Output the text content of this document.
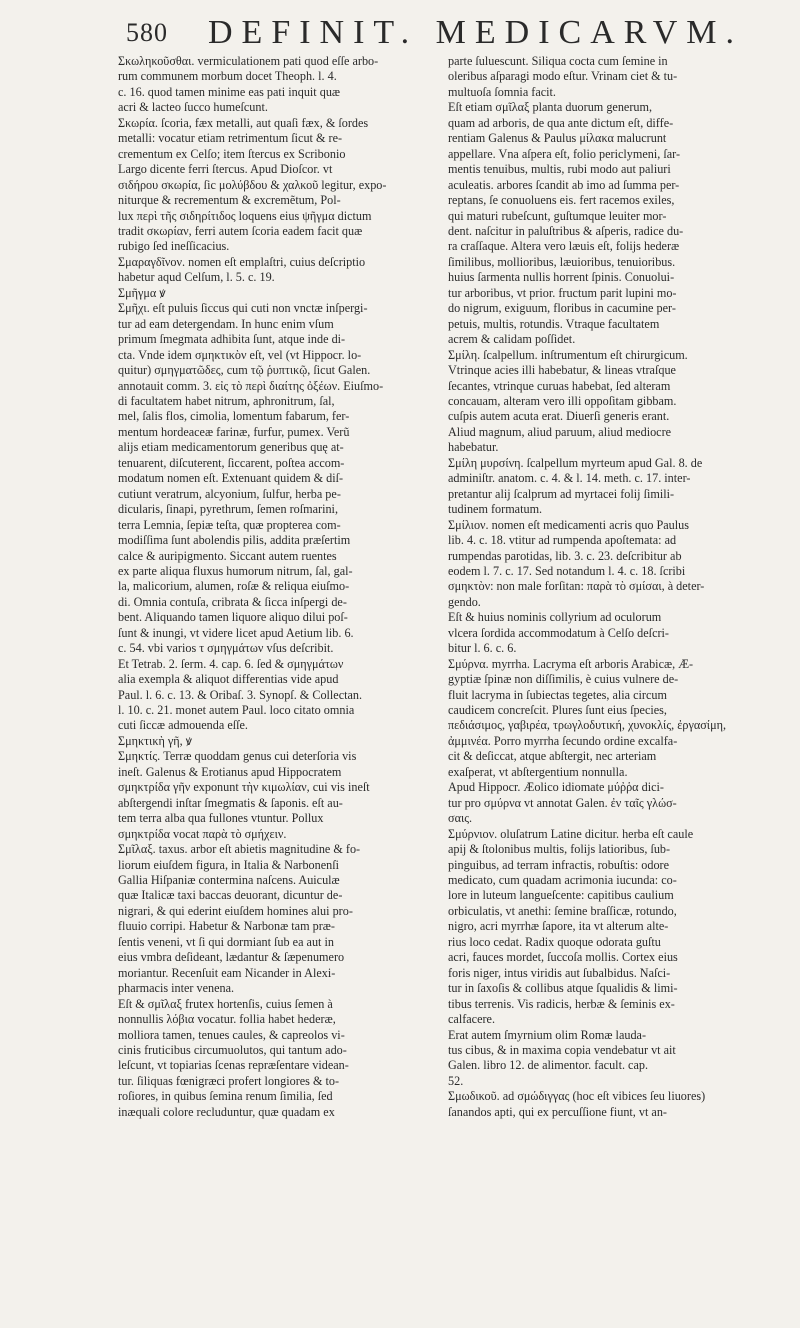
580 DEFINIT. MEDICARVM.
Σκωληκοῦσθαι. vermiculationem pati quod eſſe arbo-
rum communem morbum docet Theoph. l. 4.
c. 16. quod tamen minime eas pati inquit quæ
acri & lacteo ſucco humeſcunt.
Σκωρία. ſcoria, fæx metalli, aut quaſi fæx, & ſordes
metalli: vocatur etiam retrimentum ſicut & re-
crementum ex Celſo; item ſtercus ex Scribonio
Largo dicente ferri ſtercus. Apud Dioſcor. vt
σιδήρου σκωρία, ſic μολύβδου & χαλκοῦ legitur, expo-
niturque & recrementum & excremẽtum, Pol-
lux περὶ τῆς σιδηρίτιδος loquens eius ψῆγμα dictum
tradit σκωρίαν, ferri autem ſcoria eadem facit quæ
rubigo ſed ineſſicacius.
Σμαραγδῖνον. nomen eſt emplaſtri, cuius deſcriptio
habetur aqud Celſum, l. 5. c. 19.
Σμῆγμα ꝟ
Σμῆχι. eſt puluis ſiccus qui cuti non vnctæ inſpergi-
tur ad eam detergendam. In hunc enim vſum
primum ſmegmata adhibita ſunt, atque inde di-
cta. Vnde idem σμηκτικὸν eſt, vel (vt Hippocr. lo-
quitur) σμηγματῶδες, cum τῷ ῥυπτικῷ, ſicut Galen.
annotauit comm. 3. εἰς τὸ περὶ διαίτης ὀξέων. Eiuſmo-
di facultatem habet nitrum, aphronitrum, ſal,
mel, ſalis flos, cimolia, lomentum fabarum, fer-
mentum hordeaceæ farinæ, furfur, pumex. Verũ
alijs etiam medicamentorum generibus quę at-
tenuarent, diſcuterent, ſiccarent, poſtea accom-
modatum nomen eſt. Extenuant quidem & diſ-
cutiunt veratrum, alcyonium, ſulfur, herba pe-
dicularis, ſinapi, pyrethrum, ſemen roſmarini,
terra Lemnia, ſepiæ teſta, quæ propterea com-
modiſſima ſunt abolendis pilis, addita præſertim
calce & auripigmento. Siccant autem ruentes
ex parte aliqua fluxus humorum nitrum, ſal, gal-
la, malicorium, alumen, roſæ & reliqua eiuſmo-
di. Omnia contuſa, cribrata & ſicca inſpergi de-
bent. Aliquando tamen liquore aliquo dilui poſ-
ſunt & inungi, vt videre licet apud Aetium lib. 6.
c. 54. vbi varios τ σμηγμάτων vſus deſcribit.
Et Tetrab. 2. ſerm. 4. cap. 6. ſed & σμηγμάτων
alia exempla & aliquot differentias vide apud
Paul. l. 6. c. 13. & Oribaſ. 3. Synopſ. & Collectan.
l. 10. c. 21. monet autem Paul. loco citato omnia
cuti ſiccæ admouenda eſſe.
Σμηκτικὴ γῆ, ꝟ
Σμηκτίς. Terræ quoddam genus cui deterſoria vis
ineſt. Galenus & Erotianus apud Hippocratem
σμηκτρίδα γῆν exponunt τὴν κιμωλίαν, cui vis ineſt
abſtergendi inſtar ſmegmatis & ſaponis. eſt au-
tem terra alba qua fullones vtuntur. Pollux
σμηκτρίδα vocat παρὰ τὸ σμήχειν.
Σμῖλαξ. taxus. arbor eſt abietis magnitudine & fo-
liorum eiuſdem figura, in Italia & Narbonenſi
Gallia Hiſpaniæ contermina naſcens. Auiculæ
quæ Italicæ taxi baccas deuorant, dicuntur de-
nigrari, & qui ederint eiuſdem homines alui pro-
fluuio corripi. Habetur & Narbonæ tam præ-
ſentis veneni, vt ſi qui dormiant ſub ea aut in
eius vmbra deſideant, lædantur & ſæpenumero
moriantur. Recenſuit eam Nicander in Alexi-
pharmacis inter venena.
Eſt & σμῖλαξ frutex hortenſis, cuius ſemen à
nonnullis λόβια vocatur. follia habet hederæ,
molliora tamen, tenues caules, & capreolos vi-
cinis fruticibus circumuolutos, qui tantum ado-
leſcunt, vt topiarias ſcenas repræſentare videan-
tur. ſiliquas fœnigræci profert longiores & to-
roſiores, in quibus ſemina renum ſimilia, ſed
inæquali colore recluduntur, quæ quadam ex
parte ſuluescunt. Siliqua cocta cum ſemine in
oleribus aſparagi modo eſtur. Vrinam ciet & tu-
multuoſa ſomnia facit.
Eſt etiam σμῖλαξ planta duorum generum,
quam ad arboris, de qua ante dictum eſt, diffe-
rentiam Galenus & Paulus μίλακα malucrunt
appellare. Vna aſpera eſt, folio periclymeni, ſar-
mentis tenuibus, multis, rubi modo aut paliuri
aculeatis. arbores ſcandit ab imo ad ſumma per-
reptans, ſe conuoluens eis. fert racemos exiles,
qui maturi rubeſcunt, guſtumque leuiter mor-
dent. naſcitur in paluſtribus & aſperis, radice du-
ra craſſaque. Altera vero læuis eſt, folijs hederæ
ſimilibus, mollioribus, læuioribus, tenuioribus.
huius ſarmenta nullis horrent ſpinis. Conuolui-
tur arboribus, vt prior. fructum parit lupini mo-
do nigrum, exiguum, floribus in cacumine per-
petuis, multis, rotundis. Vtraque facultatem
acrem & calidam poſſidet.
Σμίλη. ſcalpellum. inſtrumentum eſt chirurgicum.
Vtrinque acies illi habebatur, & lineas vtraſque
ſecantes, vtrinque curuas habebat, ſed alteram
concauam, alteram vero illi oppoſitam gibbam.
cuſpis autem acuta erat. Diuerſi generis erant.
Aliud magnum, aliud paruum, aliud mediocre
habebatur.
Σμίλη μυρσίνη. ſcalpellum myrteum apud Gal. 8. de
adminiſtr. anatom. c. 4. & l. 14. meth. c. 17. inter-
pretantur alij ſcalprum ad myrtacei folij ſimili-
tudinem formatum.
Σμίλιον. nomen eſt medicamenti acris quo Paulus
lib. 4. c. 18. vtitur ad rumpenda apoſtemata: ad
rumpendas parotidas, lib. 3. c. 23. deſcribitur ab
eodem l. 7. c. 17. Sed notandum l. 4. c. 18. ſcribi
σμηκτὸν: non male forſitan: παρὰ τὸ σμίσαι, à deter-
gendo.
Eſt & huius nominis collyrium ad oculorum
vlcera ſordida accommodatum à Celſo deſcri-
bitur l. 6. c. 6.
Σμύρνα. myrrha. Lacryma eſt arboris Arabicæ, Æ-
gyptiæ ſpinæ non diſſimilis, è cuius vulnere de-
fluit lacryma in ſubiectas tegetes, alia circum
caudicem concreſcit. Plures ſunt eius ſpecies,
πεδιάσιμος, γαβιρέα, τρωγλοδυτική, χυνοκλίς, ἐργασίμη,
ἀμμινέα. Porro myrrha ſecundo ordine excalfa-
cit & deſiccat, atque abſtergit, nec arteriam
exaſperat, vt abſtergentium nonnulla.
Apud Hippocr. Æolico idiomate μύῤῥα dici-
tur pro σμύρνα vt annotat Galen. ἐν ταῖς γλώσ-
σαις.
Σμύρνιον. oluſatrum Latine dicitur. herba eſt caule
apij & ſtolonibus multis, folijs latioribus, ſub-
pinguibus, ad terram infractis, robuſtis: odore
medicato, cum quadam acrimonia iucunda: co-
lore in luteum langueſcente: capitibus caulium
orbiculatis, vt anethi: ſemine braſſicæ, rotundo,
nigro, acri myrrhæ ſapore, ita vt alterum alte-
rius loco cedat. Radix quoque odorata guſtu
acri, fauces mordet, ſuccoſa mollis. Cortex eius
foris niger, intus viridis aut ſubalbidus. Naſci-
tur in ſaxoſis & collibus atque ſqualidis & limi-
tibus terrenis. Vis radicis, herbæ & ſeminis ex-
calfacere.
Erat autem ſmyrnium olim Romæ lauda-
tus cibus, & in maxima copia vendebatur vt ait
Galen. libro 12. de alimentor. facult. cap.
52.
Σμωδικοῦ. ad σμώδιγγας (hoc eſt vibices ſeu liuores)
ſanandos apti, qui ex percuſſione fiunt, vt an-
